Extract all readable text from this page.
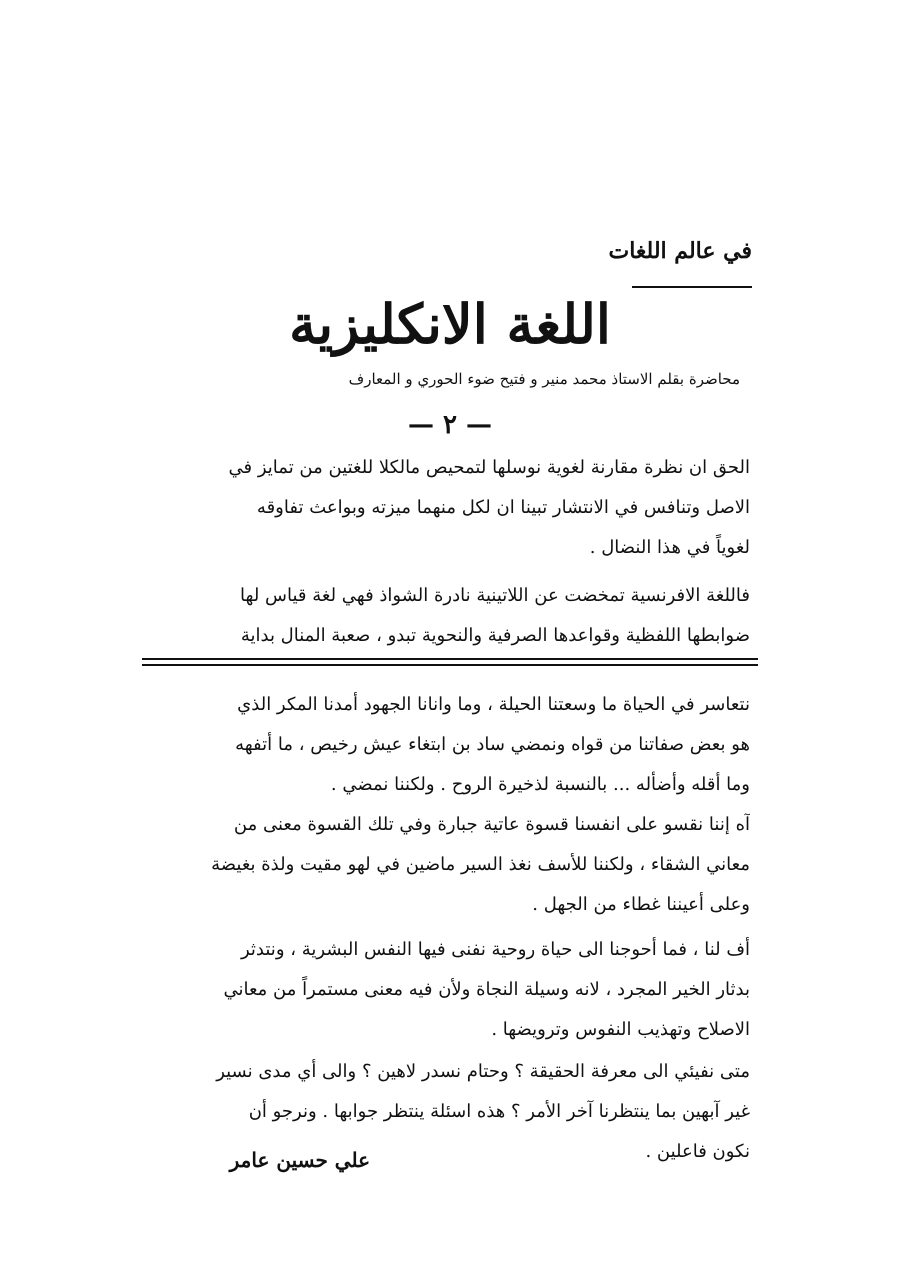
في عالم اللغات
اللغة الانكليزية
محاضرة بقلم الاستاذ محمد منير و فتيح ضوء الحوري و المعارف
— ٢ —
الحق ان نظرة مقارنة لغوية نوسلها لتمحيص مالكلا للغتين من تمايز في
الاصل وتنافس في الانتشار تبينا ان لكل منهما ميزته وبواعث تفاوقه
لغوياً في هذا النضال .
فاللغة الافرنسية تمخضت عن اللاتينية نادرة الشواذ فهي لغة قياس لها
ضوابطها اللفظية وقواعدها الصرفية والنحوية تبدو ، صعبة المنال بداية
نتعاسر في الحياة ما وسعتنا الحيلة ، وما وانانا الجهود أمدنا المكر الذي
هو بعض صفاتنا من قواه ونمضي ساد بن ابتغاء عيش رخيص ، ما أتفهه
وما أقله وأضأله ... بالنسبة لذخيرة الروح . ولكننا نمضي .
آه إننا نقسو على انفسنا قسوة عاتية جبارة وفي تلك القسوة معنى من
معاني الشقاء ، ولكننا للأسف نغذ السير ماضين في لهو مقيت ولذة بغيضة
وعلى أعيننا غطاء من الجهل .
أف لنا ، فما أحوجنا الى حياة روحية نفنى فيها النفس البشرية ، ونتدثر
بدثار الخير المجرد ، لانه وسيلة النجاة ولأن فيه معنى مستمراً من معاني
الاصلاح وتهذيب النفوس وترويضها .
متى نفيئي الى معرفة الحقيقة ؟ وحتام نسدر لاهين ؟ والى أي مدى نسير
غير آبهين بما ينتظرنا آخر الأمر ؟ هذه اسئلة ينتظر جوابها . ونرجو أن
نكون فاعلين .
علي حسين عامر
